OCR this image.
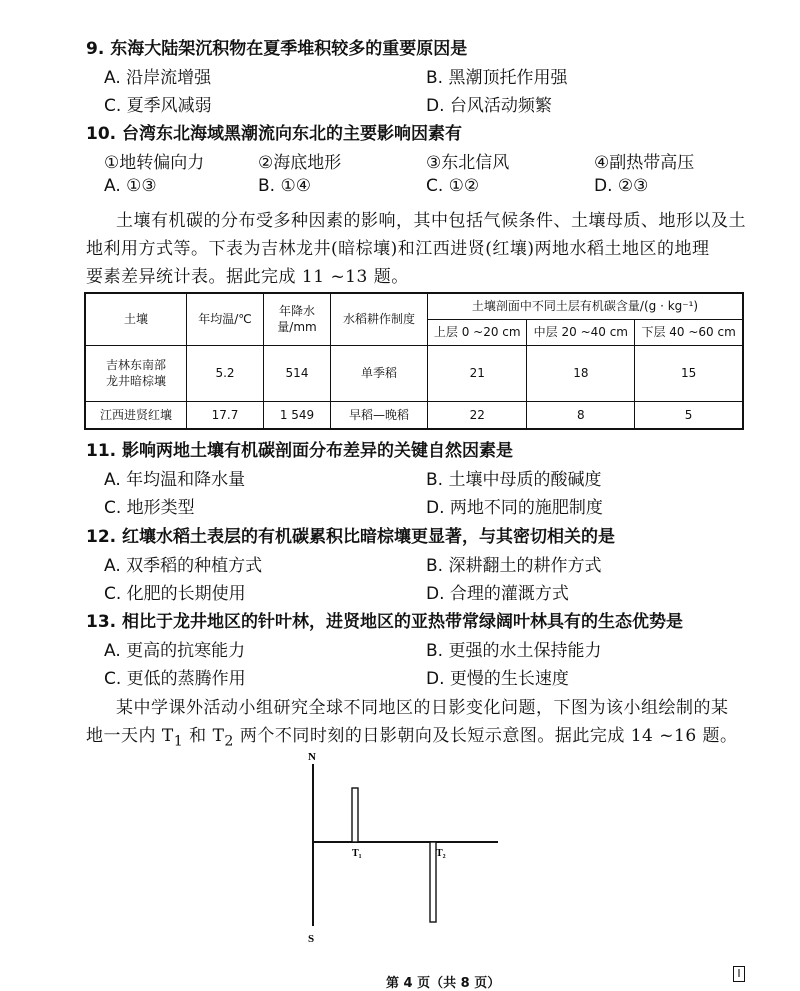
9. 东海大陆架沉积物在夏季堆积较多的重要原因是
A. 沿岸流增强	B. 黑潮顶托作用强
C. 夏季风减弱	D. 台风活动频繁
10. 台湾东北海域黑潮流向东北的主要影响因素有
①地转偏向力	②海底地形	③东北信风	④副热带高压
A. ①③	B. ①④	C. ①②	D. ②③
土壤有机碳的分布受多种因素的影响，其中包括气候条件、土壤母质、地形以及土
地利用方式等。下表为吉林龙井(暗棕壤)和江西进贤(红壤)两地水稻土地区的地理
要素差异统计表。据此完成 11 ~13 题。
土壤	年均温/℃	年降水
量/mm	水稻耕作制度	土壤剖面中不同土层有机碳含量/(g · kg⁻¹)		
				上层 0 ~20 cm	中层 20 ~40 cm	下层 40 ~60 cm

吉林东南部
龙井暗棕壤	5.2	514	单季稻	21	18	15
江西进贤红壤	17.7	1 549	早稻—晚稻	22	8	5
11. 影响两地土壤有机碳剖面分布差异的关键自然因素是
A. 年均温和降水量	B. 土壤中母质的酸碱度
C. 地形类型	D. 两地不同的施肥制度
12. 红壤水稻土表层的有机碳累积比暗棕壤更显著，与其密切相关的是
A. 双季稻的种植方式	B. 深耕翻土的耕作方式
C. 化肥的长期使用	D. 合理的灌溉方式
13. 相比于龙井地区的针叶林，进贤地区的亚热带常绿阔叶林具有的生态优势是
A. 更高的抗寒能力	B. 更强的水土保持能力
C. 更低的蒸腾作用	D. 更慢的生长速度
某中学课外活动小组研究全球不同地区的日影变化问题，下图为该小组绘制的某
地一天内 $T_1$ 和 $T_2$ 两个不同时刻的日影朝向及长短示意图。据此完成 14 ~16 题。
N
T₁	T₂
S
第 4 页（共 8 页）
I
